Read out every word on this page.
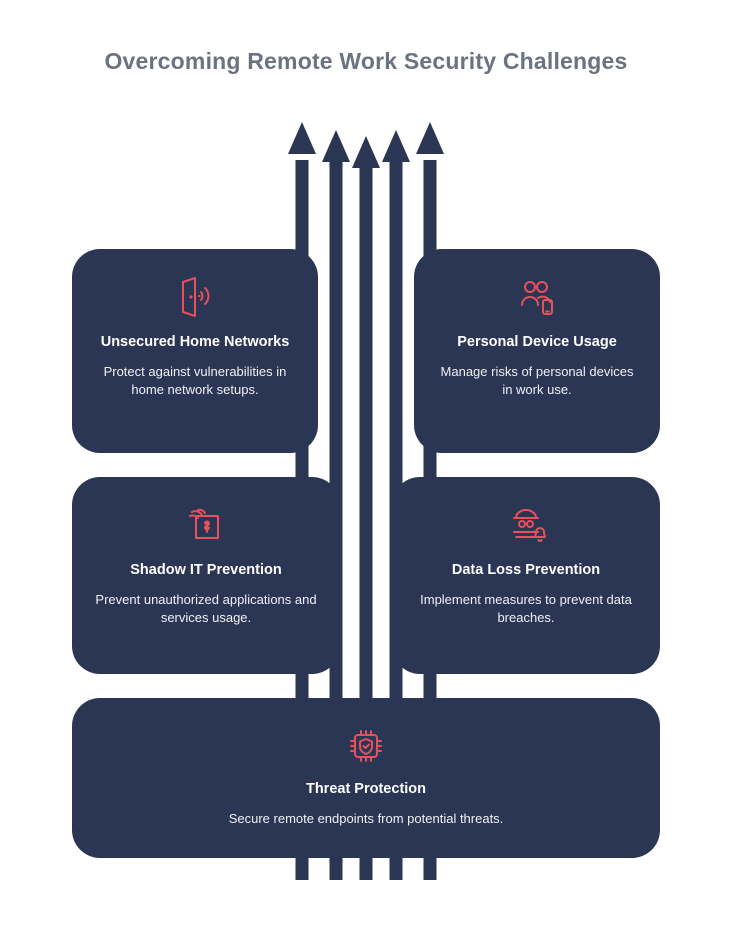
Overcoming Remote Work Security Challenges
Unsecured Home Networks
Protect against vulnerabilities in home network setups.
Personal Device Usage
Manage risks of personal devices in work use.
Shadow IT Prevention
Prevent unauthorized applications and services usage.
Data Loss Prevention
Implement measures to prevent data breaches.
Threat Protection
Secure remote endpoints from potential threats.
